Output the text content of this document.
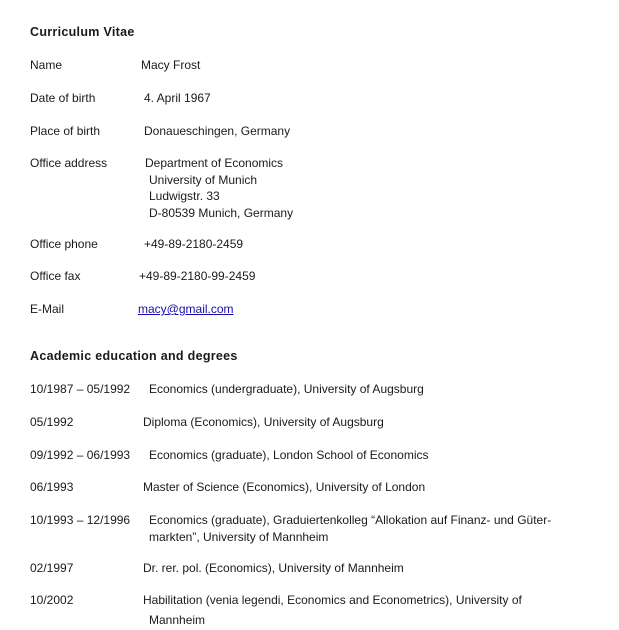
Curriculum Vitae
Name	Macy Frost
Date of birth	4. April 1967
Place of birth	Donaueschingen, Germany
Office address	Department of Economics
University of Munich
Ludwigstr. 33
D-80539 Munich, Germany
Office phone	+49-89-2180-2459
Office fax	+49-89-2180-99-2459
E-Mail	macy@gmail.com
Academic education and degrees
10/1987 – 05/1992 Economics (undergraduate), University of Augsburg
05/1992	Diploma (Economics), University of Augsburg
09/1992 – 06/1993 Economics (graduate), London School of Economics
06/1993	Master of Science (Economics), University of London
10/1993 – 12/1996 Economics (graduate), Graduiertenkolleg “Allokation auf Finanz- und Güter-
markten”, University of Mannheim
02/1997	Dr. rer. pol. (Economics), University of Mannheim
10/2002	Habilitation (venia legendi, Economics and Econometrics), University of
Mannheim
